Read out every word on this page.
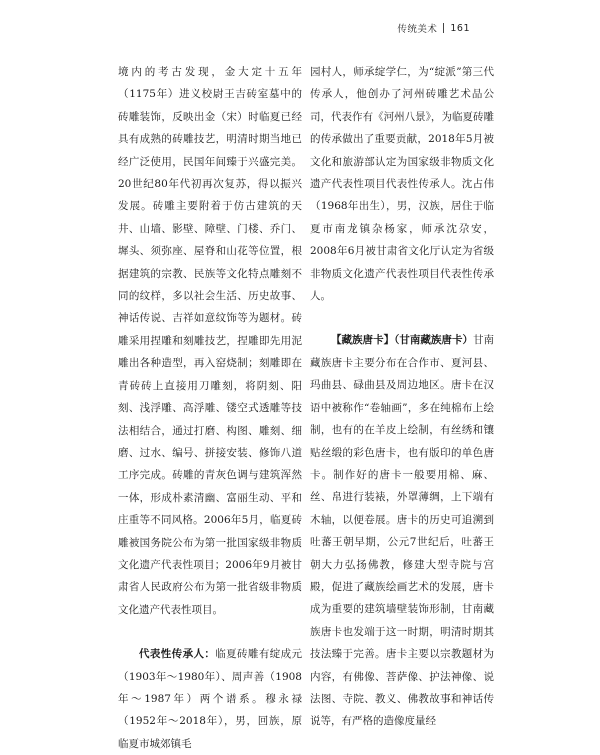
传统美术 161

境内的考古发现，金大定十五年（1175年）进义校尉王吉砖室墓中的砖雕装饰，反映出金（宋）时临夏已经具有成熟的砖雕技艺，明清时期当地已经广泛使用，民国年间臻于兴盛完美。20世纪80年代初再次复苏，得以振兴发展。砖雕主要附着于仿古建筑的天井、山墙、影壁、障壁、门楼、乔门、墀头、须弥座、屋脊和山花等位置，根据建筑的宗教、民族等文化特点雕刻不同的纹样，多以社会生活、历史故事、神话传说、吉祥如意纹饰等为题材。砖雕采用捏雕和刻雕技艺，捏雕即先用泥雕出各种造型，再入窑烧制；刻雕即在青砖砖上直接用刀雕刻，将阴刻、阳刻、浅浮雕、高浮雕、镂空式透雕等技法相结合，通过打磨、构图、雕刻、细磨、过水、编号、拼接安装、修饰八道工序完成。砖雕的青灰色调与建筑浑然一体，形成朴素清幽、富丽生动、平和庄重等不同风格。2006年5月，临夏砖雕被国务院公布为第一批国家级非物质文化遗产代表性项目；2006年9月被甘肃省人民政府公布为第一批省级非物质文化遗产代表性项目。

代表性传承人：临夏砖雕有绽成元（1903年～1980年）、周声善（1908年～1987年）两个谱系。穆永禄（1952年～2018年），男，回族，原临夏市城郊镇毛

园村人，师承绽学仁，为“绽派”第三代传承人，他创办了河州砖雕艺术品公司，代表作有《河州八景》，为临夏砖雕的传承做出了重要贡献，2018年5月被文化和旅游部认定为国家级非物质文化遗产代表性项目代表性传承人。沈占伟（1968年出生），男，汉族，居住于临夏市南龙镇杂杨家，师承沈尕安，2008年6月被甘肃省文化厅认定为省级非物质文化遗产代表性项目代表性传承人。

【藏族唐卡】（甘南藏族唐卡）甘南藏族唐卡主要分布在合作市、夏河县、玛曲县、碌曲县及周边地区。唐卡在汉语中被称作“卷轴画”，多在纯棉布上绘制，也有的在羊皮上绘制，有丝绣和镶贴丝缎的彩色唐卡，也有版印的单色唐卡。制作好的唐卡一般要用棉、麻、丝、帛进行装裱，外罩薄绸，上下端有木轴，以便卷展。唐卡的历史可追溯到吐蕃王朝早期，公元7世纪后，吐蕃王朝大力弘扬佛教，修建大型寺院与宫殿，促进了藏族绘画艺术的发展，唐卡成为重要的建筑墙壁装饰形制，甘南藏族唐卡也发端于这一时期，明清时期其技法臻于完善。唐卡主要以宗教题材为内容，有佛像、菩萨像、护法神像、说法图、寺院、教义、佛教故事和神话传说等，有严格的造像度量经
